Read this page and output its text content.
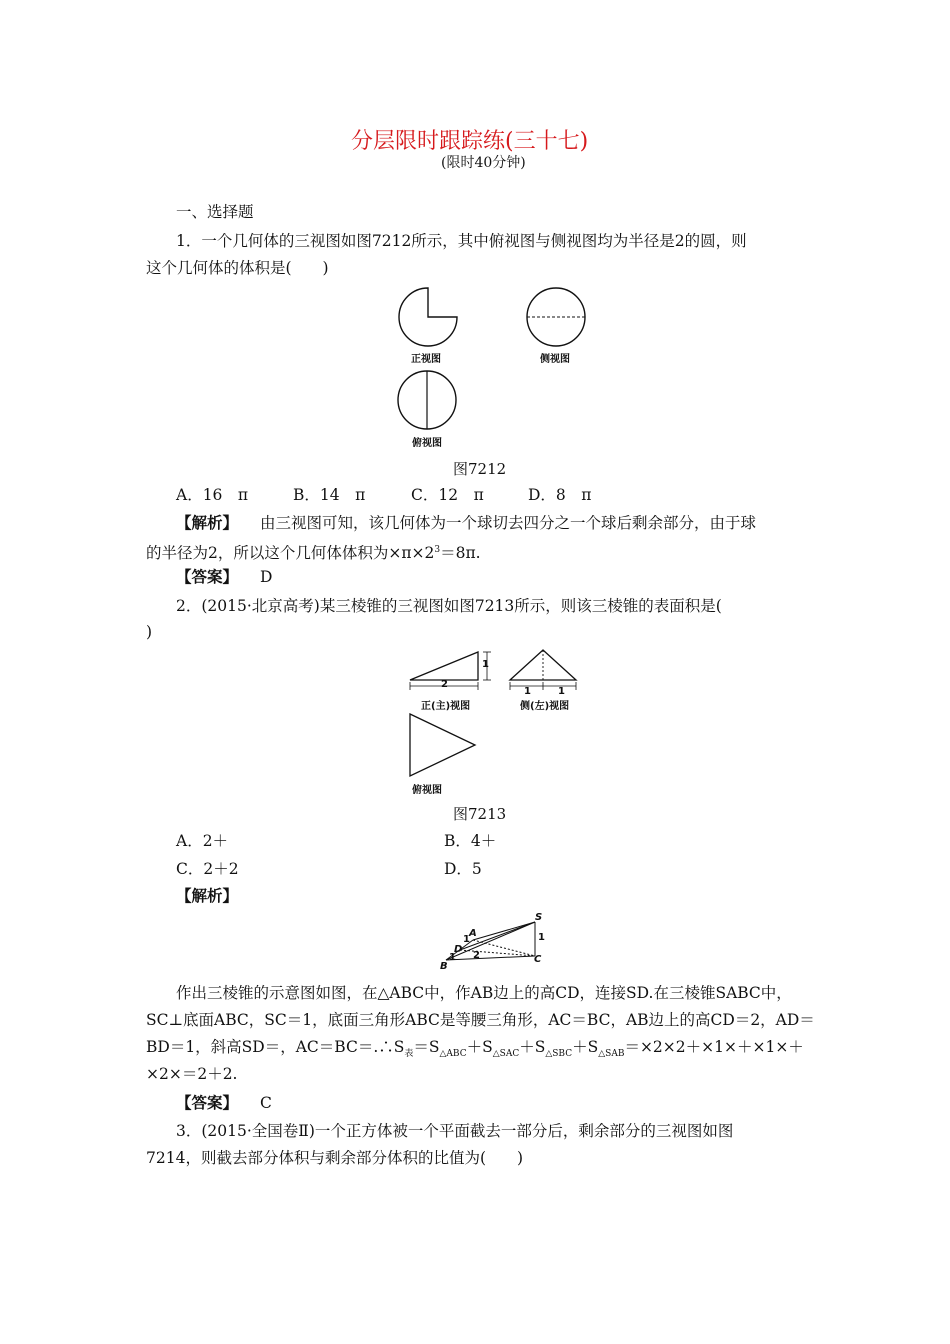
分层限时跟踪练(三十七)
(限时40分钟)
一、选择题
1．一个几何体的三视图如图7212所示，其中俯视图与侧视图均为半径是2的圆，则
这个几何体的体积是(　　)
正视图	侧视图
俯视图
图7212
A．16　π	B．14　π	C．12　π	D．8　π
【解析】 由三视图可知，该几何体为一个球切去四分之一个球后剩余部分，由于球
的半径为2，所以这个几何体体积为$\times\pi\times 2^3=8\pi$.
【答案】 D
2．(2015·北京高考)某三棱锥的三视图如图7213所示，则该三棱锥的表面积是(
)
2
1
1	1
正(主)视图	侧(左)视图
俯视图
图7213
A．2＋	B．4＋
C．2＋2	D．5
【解析】
S
A
1
D
1 2
1
B
C
作出三棱锥的示意图如图，在△ABC中，作AB边上的高CD，连接SD.在三棱锥SABC中，
SC⊥底面ABC，SC＝1，底面三角形ABC是等腰三角形，AC＝BC，AB边上的高CD＝2，AD＝
BD＝1，斜高SD＝，$AC=BC=.\therefore S_表=S_{\triangle ABC}+S_{\triangle SAC}+S_{\triangle SBC}+S_{\triangle SAB}=\times 2\times 2+\times 1\times+\times 1\times+$
×2×＝2＋2.
【答案】 C
3．(2015·全国卷Ⅱ)一个正方体被一个平面截去一部分后，剩余部分的三视图如图
7214，则截去部分体积与剩余部分体积的比值为(　　)
